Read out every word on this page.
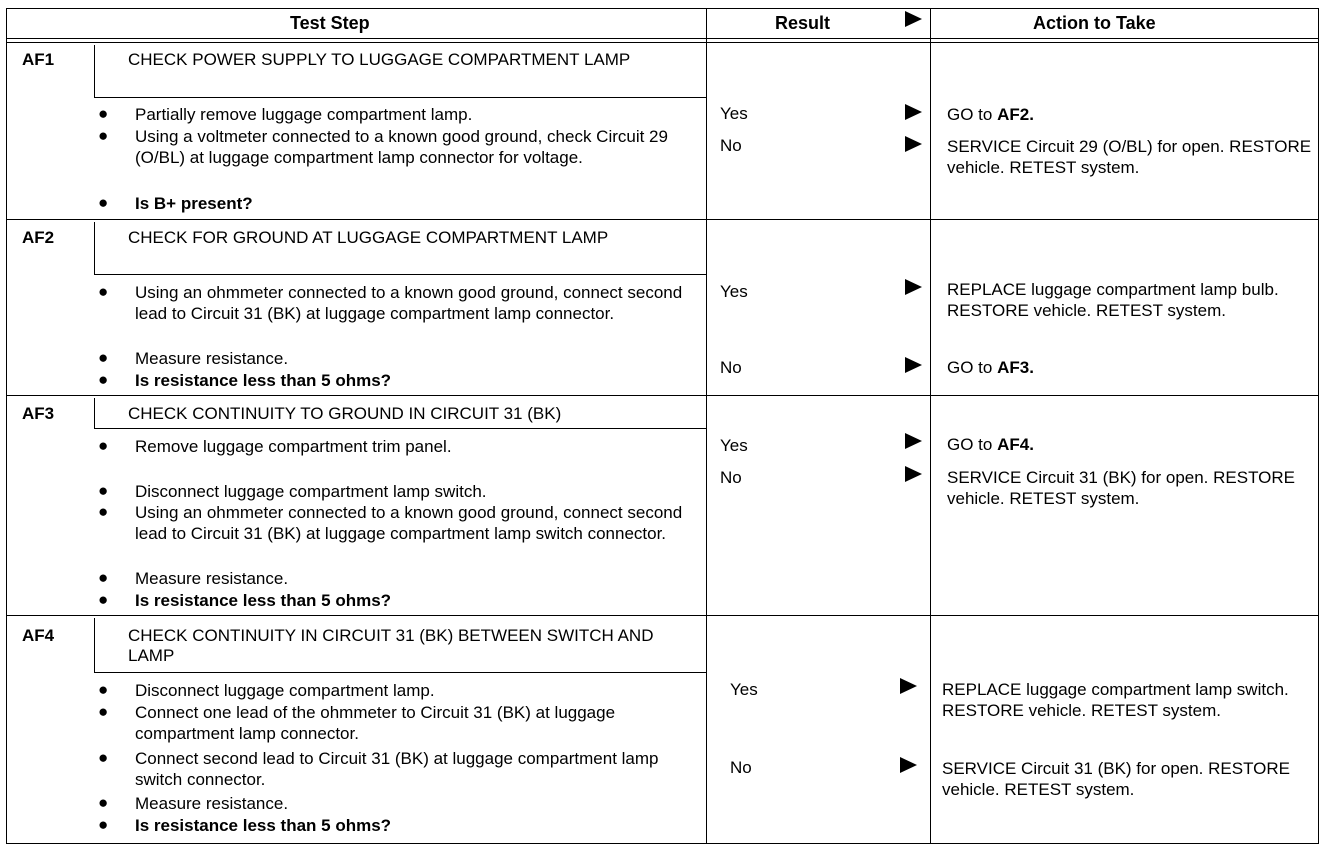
Test Step	Result	Action to Take
AF1	CHECK POWER SUPPLY TO LUGGAGE COMPARTMENT LAMP
● Partially remove luggage compartment lamp.
● Using a voltmeter connected to a known good ground, check Circuit 29 (O/BL) at luggage compartment lamp connector for voltage.
● Is B+ present?
Yes	GO to AF2.
No	SERVICE Circuit 29 (O/BL) for open. RESTORE vehicle. RETEST system.
AF2	CHECK FOR GROUND AT LUGGAGE COMPARTMENT LAMP
● Using an ohmmeter connected to a known good ground, connect second lead to Circuit 31 (BK) at luggage compartment lamp connector.
● Measure resistance.
● Is resistance less than 5 ohms?
Yes	REPLACE luggage compartment lamp bulb. RESTORE vehicle. RETEST system.
No	GO to AF3.
AF3	CHECK CONTINUITY TO GROUND IN CIRCUIT 31 (BK)
● Remove luggage compartment trim panel.
● Disconnect luggage compartment lamp switch.
● Using an ohmmeter connected to a known good ground, connect second lead to Circuit 31 (BK) at luggage compartment lamp switch connector.
● Measure resistance.
● Is resistance less than 5 ohms?
Yes	GO to AF4.
No	SERVICE Circuit 31 (BK) for open. RESTORE vehicle. RETEST system.
AF4	CHECK CONTINUITY IN CIRCUIT 31 (BK) BETWEEN SWITCH AND LAMP
● Disconnect luggage compartment lamp.
● Connect one lead of the ohmmeter to Circuit 31 (BK) at luggage compartment lamp connector.
● Connect second lead to Circuit 31 (BK) at luggage compartment lamp switch connector.
● Measure resistance.
● Is resistance less than 5 ohms?
Yes	REPLACE luggage compartment lamp switch. RESTORE vehicle. RETEST system.
No	SERVICE Circuit 31 (BK) for open. RESTORE vehicle. RETEST system.
